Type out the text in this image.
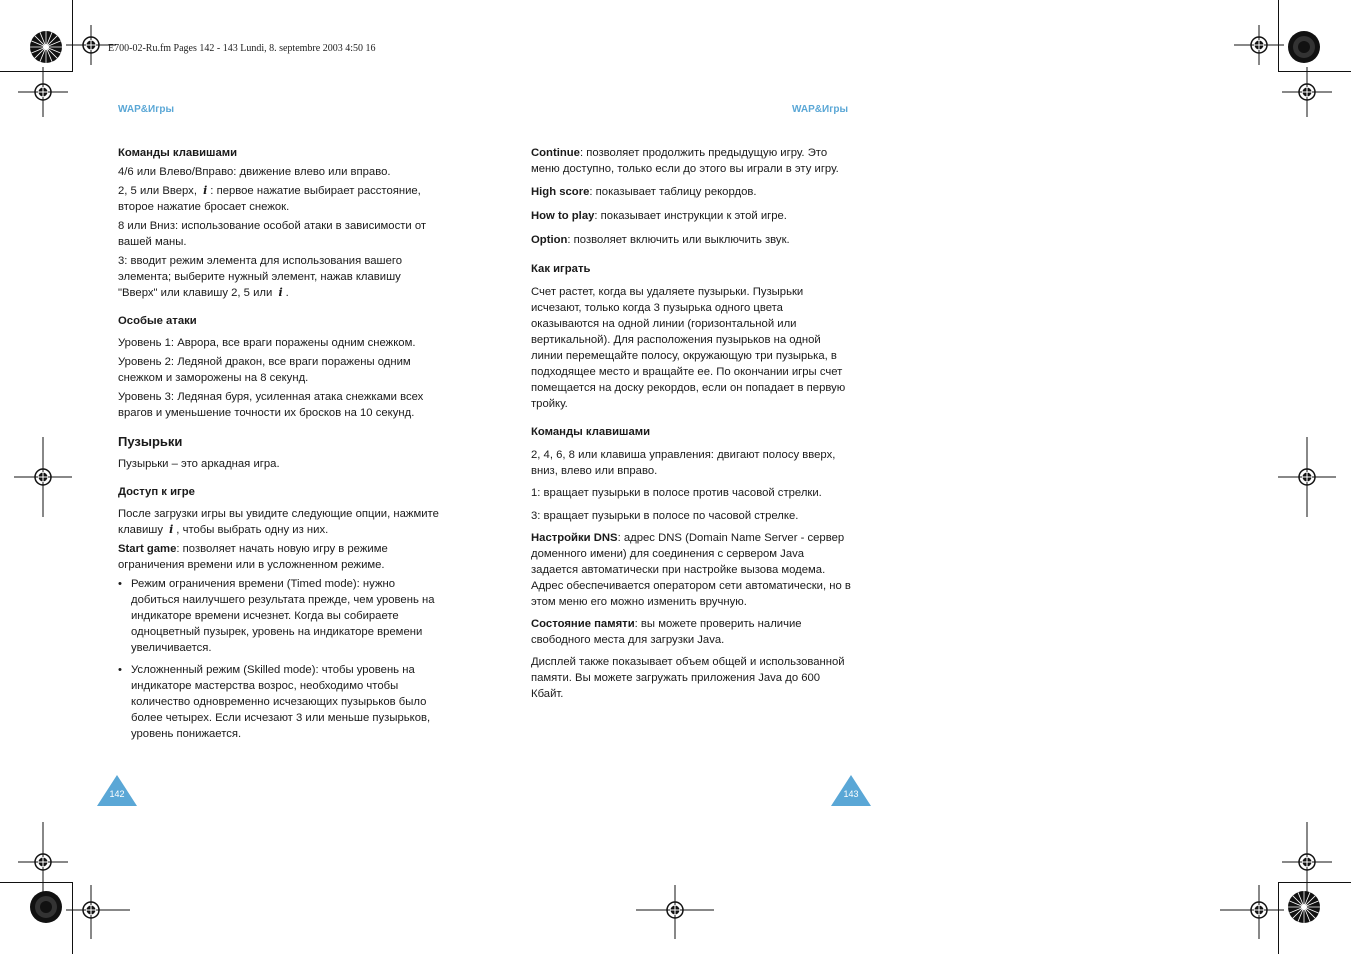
E700-02-Ru.fm Pages 142 - 143 Lundi, 8. septembre 2003 4:50 16
WAP&Игры	WAP&Игры
Команды клавишами

4/6 или Влево/Вправо: движение влево или вправо.

2, 5 или Вверх, i : первое нажатие выбирает расстояние, второе нажатие бросает снежок.

8 или Вниз: использование особой атаки в зависимости от вашей маны.

3: вводит режим элемента для использования вашего элемента; выберите нужный элемент, нажав клавишу "Вверх" или клавишу 2, 5 или i .

Особые атаки

Уровень 1: Аврора, все враги поражены одним снежком.

Уровень 2: Ледяной дракон, все враги поражены одним снежком и заморожены на 8 секунд.

Уровень 3: Ледяная буря, усиленная атака снежками всех врагов и уменьшение точности их бросков на 10 секунд.

Пузырьки

Пузырьки – это аркадная игра.

Доступ к игре

После загрузки игры вы увидите следующие опции, нажмите клавишу i , чтобы выбрать одну из них.

Start game: позволяет начать новую игру в режиме ограничения времени или в усложненном режиме.

• Режим ограничения времени (Timed mode): нужно добиться наилучшего результата прежде, чем уровень на индикаторе времени исчезнет. Когда вы собираете одноцветный пузырек, уровень на индикаторе времени увеличивается.
• Усложненный режим (Skilled mode): чтобы уровень на индикаторе мастерства возрос, необходимо чтобы количество одновременно исчезающих пузырьков было более четырех. Если исчезают 3 или меньше пузырьков, уровень понижается.

Continue: позволяет продолжить предыдущую игру. Это меню доступно, только если до этого вы играли в эту игру.

High score: показывает таблицу рекордов.

How to play: показывает инструкции к этой игре.

Option: позволяет включить или выключить звук.

Как играть

Счет растет, когда вы удаляете пузырьки. Пузырьки исчезают, только когда 3 пузырька одного цвета оказываются на одной линии (горизонтальной или вертикальной). Для расположения пузырьков на одной линии перемещайте полосу, окружающую три пузырька, в подходящее место и вращайте ее. По окончании игры счет помещается на доску рекордов, если он попадает в первую тройку.

Команды клавишами

2, 4, 6, 8 или клавиша управления: двигают полосу вверх, вниз, влево или вправо.

1: вращает пузырьки в полосе против часовой стрелки.

3: вращает пузырьки в полосе по часовой стрелке.

Настройки DNS: адрес DNS (Domain Name Server - сервер доменного имени) для соединения с сервером Java задается автоматически при настройке вызова модема. Адрес обеспечивается оператором сети автоматически, но в этом меню его можно изменить вручную.

Состояние памяти: вы можете проверить наличие свободного места для загрузки Java.

Дисплей также показывает объем общей и использованной памяти. Вы можете загружать приложения Java до 600 Кбайт.

142	143
